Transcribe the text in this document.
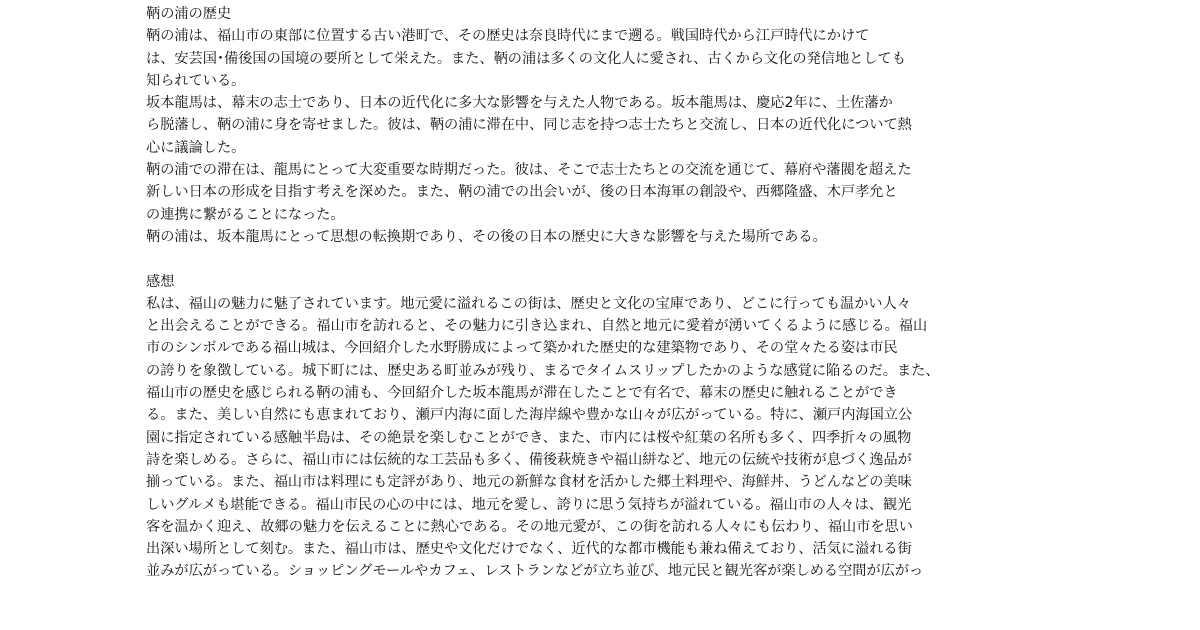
鞆の浦の歴史
鞆の浦は、福山市の東部に位置する古い港町で、その歴史は奈良時代にまで遡る。戦国時代から江戸時代にかけて
は、安芸国･備後国の国境の要所として栄えた。また、鞆の浦は多くの文化人に愛され、古くから文化の発信地としても
知られている。
坂本龍馬は、幕末の志士であり、日本の近代化に多大な影響を与えた人物である。坂本龍馬は、慶応2年に、土佐藩か
ら脱藩し、鞆の浦に身を寄せました。彼は、鞆の浦に滞在中、同じ志を持つ志士たちと交流し、日本の近代化について熱
心に議論した。
鞆の浦での滞在は、龍馬にとって大変重要な時期だった。彼は、そこで志士たちとの交流を通じて、幕府や藩閥を超えた
新しい日本の形成を目指す考えを深めた。また、鞆の浦での出会いが、後の日本海軍の創設や、西郷隆盛、木戸孝允と
の連携に繋がることになった。
鞆の浦は、坂本龍馬にとって思想の転換期であり、その後の日本の歴史に大きな影響を与えた場所である。
感想
私は、福山の魅力に魅了されています。地元愛に溢れるこの街は、歴史と文化の宝庫であり、どこに行っても温かい人々
と出会えることができる。福山市を訪れると、その魅力に引き込まれ、自然と地元に愛着が湧いてくるように感じる。福山
市のシンボルである福山城は、今回紹介した水野勝成によって築かれた歴史的な建築物であり、その堂々たる姿は市民
の誇りを象徴している。城下町には、歴史ある町並みが残り、まるでタイムスリップしたかのような感覚に陥るのだ。また、
福山市の歴史を感じられる鞆の浦も、今回紹介した坂本龍馬が滞在したことで有名で、幕末の歴史に触れることができ
る。また、美しい自然にも恵まれており、瀬戸内海に面した海岸線や豊かな山々が広がっている。特に、瀬戸内海国立公
園に指定されている感触半島は、その絶景を楽しむことができ、また、市内には桜や紅葉の名所も多く、四季折々の風物
詩を楽しめる。さらに、福山市には伝統的な工芸品も多く、備後萩焼きや福山絣など、地元の伝統や技術が息づく逸品が
揃っている。また、福山市は料理にも定評があり、地元の新鮮な食材を活かした郷土料理や、海鮮丼、うどんなどの美味
しいグルメも堪能できる。福山市民の心の中には、地元を愛し、誇りに思う気持ちが溢れている。福山市の人々は、観光
客を温かく迎え、故郷の魅力を伝えることに熱心である。その地元愛が、この街を訪れる人々にも伝わり、福山市を思い
出深い場所として刻む。また、福山市は、歴史や文化だけでなく、近代的な都市機能も兼ね備えており、活気に溢れる街
並みが広がっている。ショッピングモールやカフェ、レストランなどが立ち並び、地元民と観光客が楽しめる空間が広がっ
